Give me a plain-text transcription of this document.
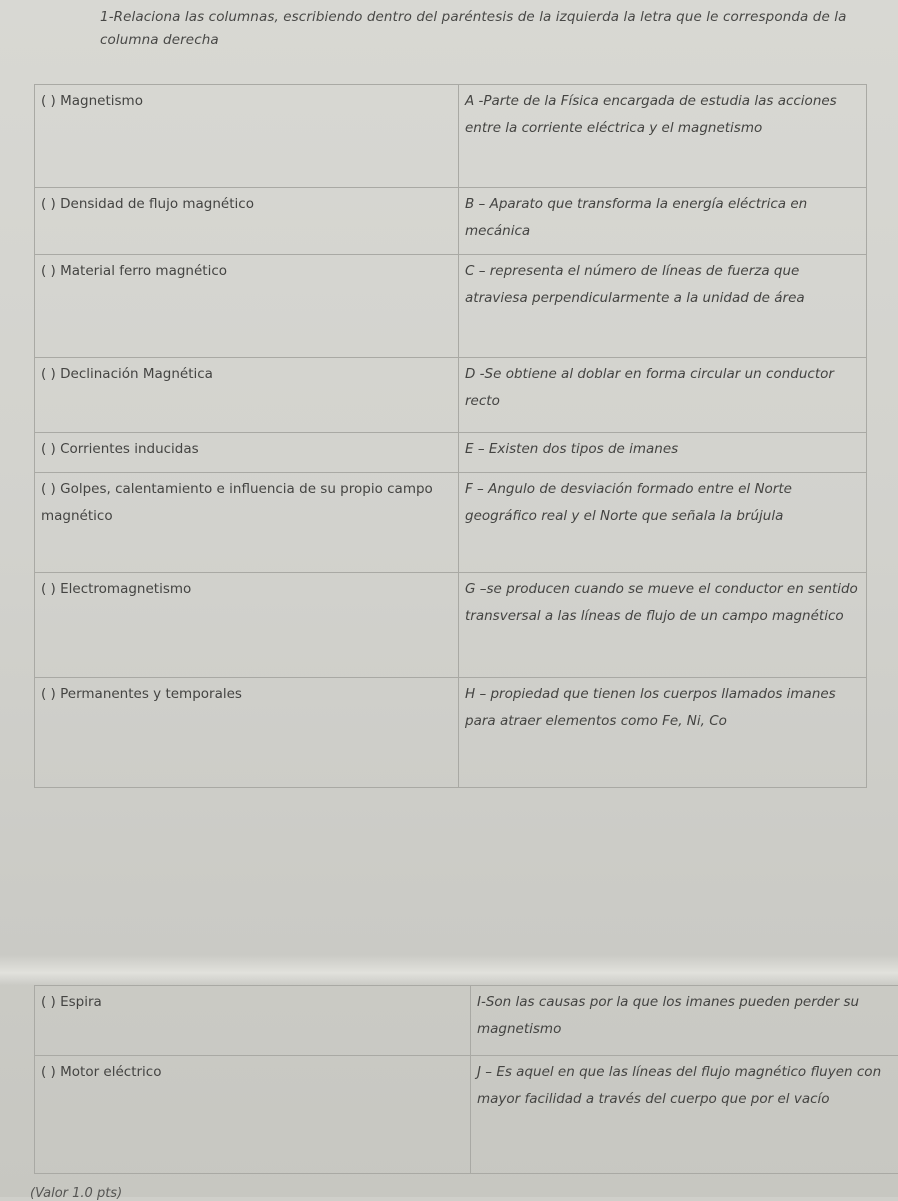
1-Relaciona las columnas, escribiendo dentro del paréntesis de la izquierda la letra que le corresponda de la columna derecha
( ) Magnetismo	A -Parte de la Física encargada de estudia las acciones entre la corriente eléctrica y el magnetismo
( ) Densidad de flujo magnético	B – Aparato que transforma la energía eléctrica en mecánica
( ) Material ferro magnético	C – representa el número de líneas de fuerza que atraviesa perpendicularmente a la unidad de área
( ) Declinación Magnética	D -Se obtiene al doblar en forma circular un conductor recto
( ) Corrientes inducidas	E – Existen dos tipos de imanes
( ) Golpes, calentamiento e influencia de su propio campo magnético	F – Angulo de desviación formado entre el Norte geográfico real y el Norte que señala la brújula
( ) Electromagnetismo	G –se producen cuando se mueve el conductor en sentido transversal a las líneas de flujo de un campo magnético
( ) Permanentes y temporales	H – propiedad que tienen los cuerpos llamados imanes para atraer elementos como Fe, Ni, Co
( ) Espira	I-Son las causas por la que los imanes pueden perder su magnetismo
( ) Motor eléctrico	J – Es aquel en que las líneas del flujo magnético fluyen con mayor facilidad a través del cuerpo que por el vacío
(Valor 1.0 pts)
